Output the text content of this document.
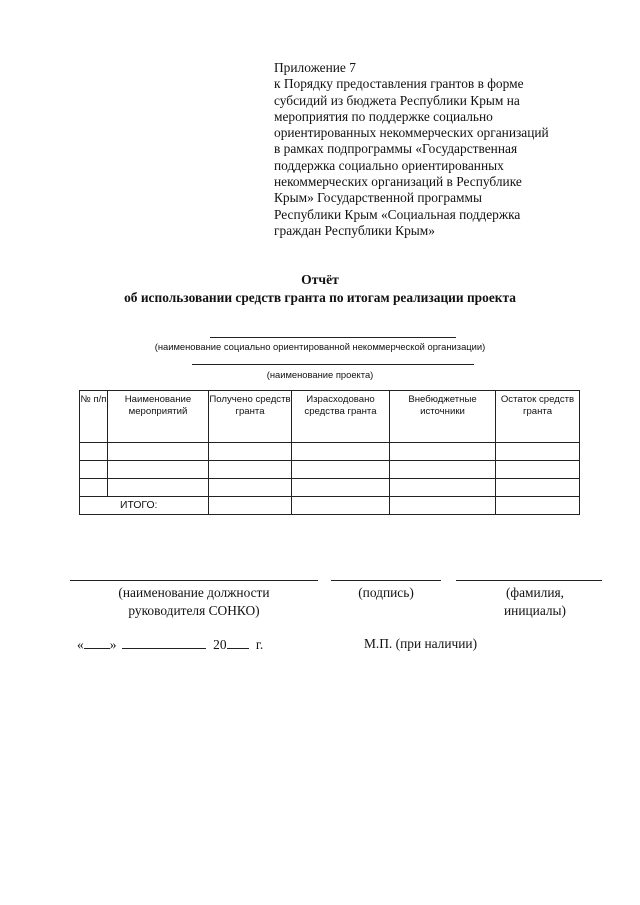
Приложение 7
к Порядку предоставления грантов в форме
субсидий из бюджета Республики Крым на
мероприятия по поддержке социально
ориентированных некоммерческих организаций
в рамках подпрограммы «Государственная
поддержка социально ориентированных
некоммерческих организаций в Республике
Крым» Государственной программы
Республики Крым «Социальная поддержка
граждан Республики Крым»
Отчёт
об использовании средств гранта по итогам реализации проекта
(наименование социально ориентированной некоммерческой организации)
(наименование проекта)
№ п/п	Наименование мероприятий	Получено средств гранта	Израсходовано средства гранта	Внебюджетные источники	Остаток средств гранта

ИТОГО:					
(наименование должности
руководителя СОНКО)
(подпись)	(фамилия,
инициалы)
« »	20 г.	М.П. (при наличии)
